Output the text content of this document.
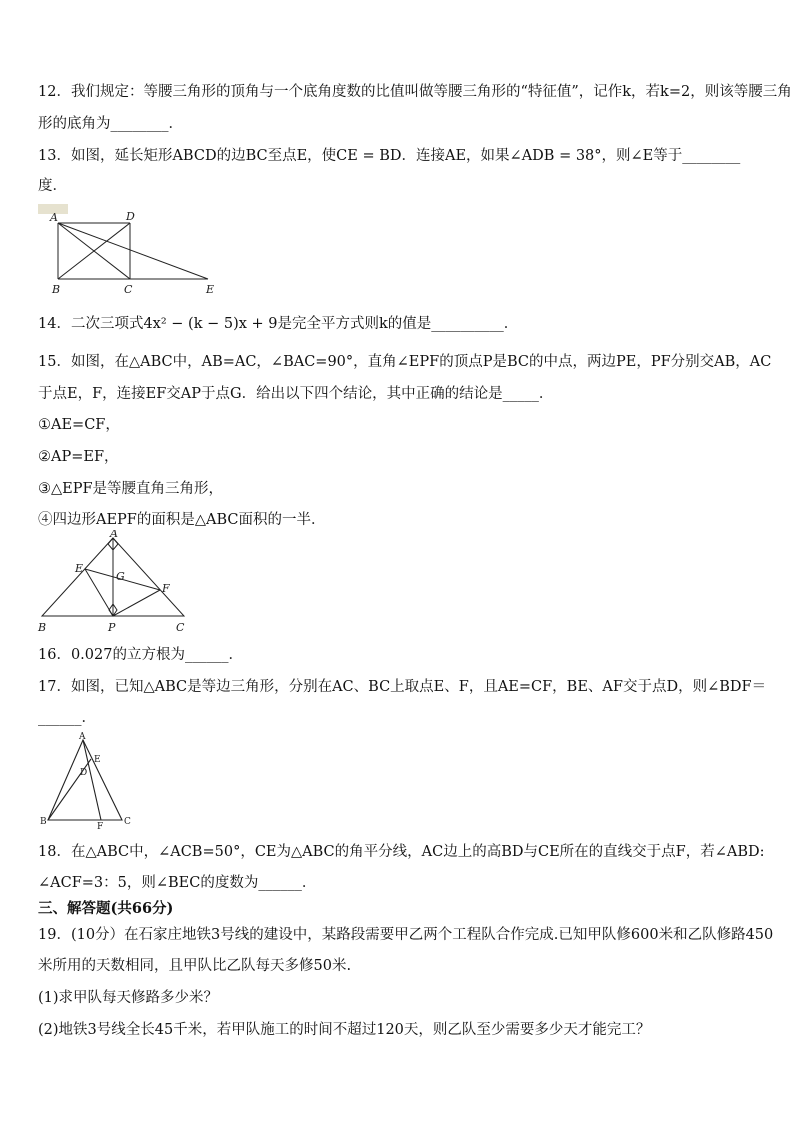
12．我们规定：等腰三角形的顶角与一个底角度数的比值叫做等腰三角形的“特征值”，记作k，若k=2，则该等腰三角
形的底角为________．
13．如图，延长矩形ABCD的边BC至点E，使CE = BD．连接AE，如果∠ADB = 38°，则∠E等于________
度．
A	D
B	C	E
14．二次三项式4x² − (k − 5)x + 9是完全平方式则k的值是__________．
15．如图，在△ABC中，AB=AC，∠BAC=90°，直角∠EPF的顶点P是BC的中点，两边PE，PF分别交AB，AC
于点E，F，连接EF交AP于点G．给出以下四个结论，其中正确的结论是_____．
①AE=CF，
②AP=EF，
③△EPF是等腰直角三角形，
④四边形AEPF的面积是△ABC面积的一半．
A
E
G
F
B	P	C
16．0.027的立方根为______．
17．如图，已知△ABC是等边三角形，分别在AC、BC上取点E、F，且AE=CF，BE、AF交于点D，则∠BDF＝
______．
A
D
E
B	F C
18．在△ABC中，∠ACB=50°，CE为△ABC的角平分线，AC边上的高BD与CE所在的直线交于点F，若∠ABD:
∠ACF=3：5，则∠BEC的度数为______．
三、解答题(共66分)
19．(10分）在石家庄地铁3号线的建设中，某路段需要甲乙两个工程队合作完成.已知甲队修600米和乙队修路450
米所用的天数相同，且甲队比乙队每天多修50米.
(1)求甲队每天修路多少米？
(2)地铁3号线全长45千米，若甲队施工的时间不超过120天，则乙队至少需要多少天才能完工？
